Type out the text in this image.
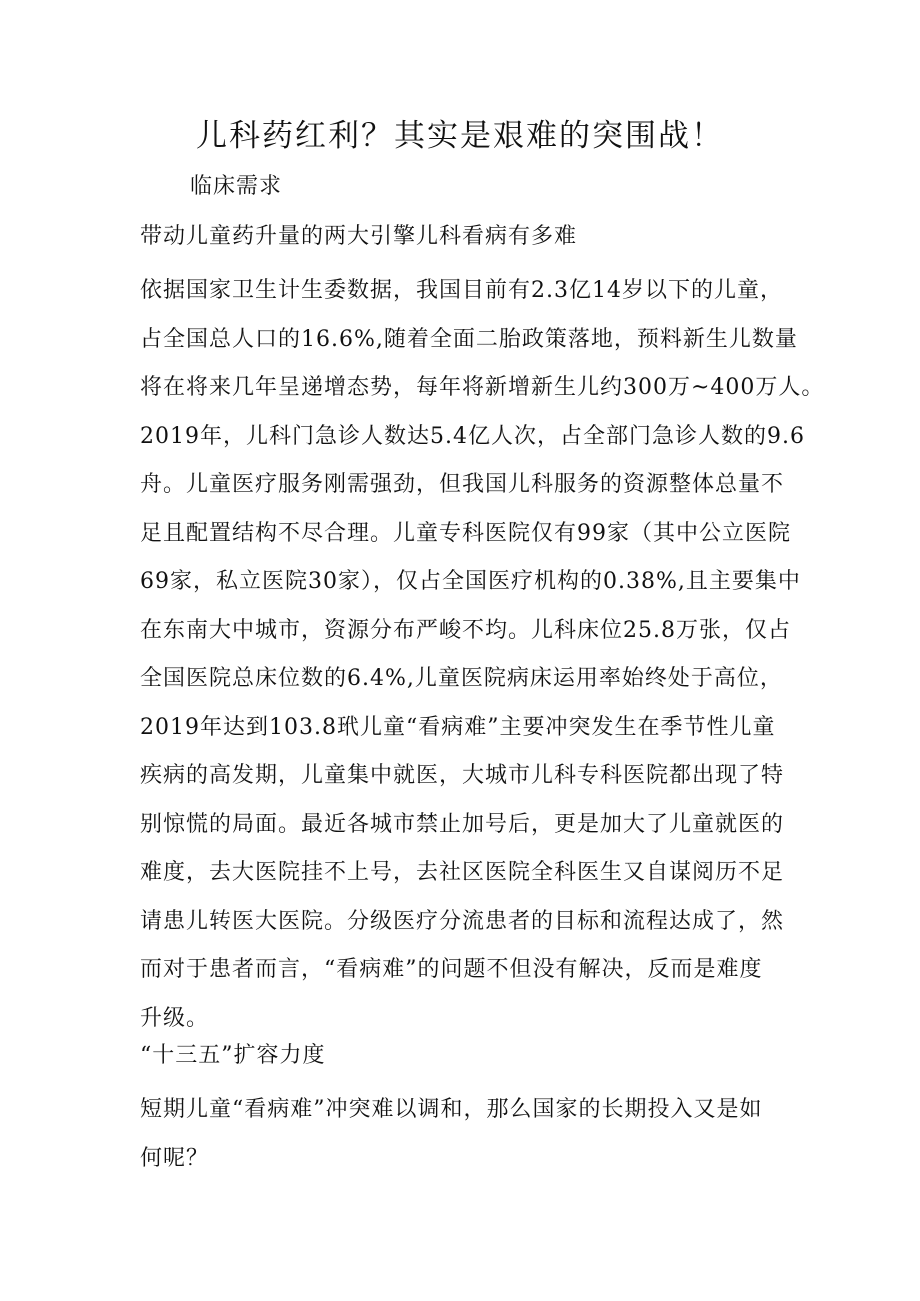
儿科药红利？其实是艰难的突围战！
临床需求
带动儿童药升量的两大引擎儿科看病有多难
依据国家卫生计生委数据，我国目前有2.3亿14岁以下的儿童，
占全国总人口的16.6%,随着全面二胎政策落地，预料新生儿数量
将在将来几年呈递增态势，每年将新增新生儿约300万~400万人。
2019年，儿科门急诊人数达5.4亿人次，占全部门急诊人数的9.6
舟。儿童医疗服务刚需强劲，但我国儿科服务的资源整体总量不
足且配置结构不尽合理。儿童专科医院仅有99家（其中公立医院
69家，私立医院30家），仅占全国医疗机构的0.38%,且主要集中
在东南大中城市，资源分布严峻不均。儿科床位25.8万张，仅占
全国医院总床位数的6.4%,儿童医院病床运用率始终处于高位，
2019年达到103.8玳儿童“看病难”主要冲突发生在季节性儿童
疾病的高发期，儿童集中就医，大城市儿科专科医院都出现了特
别惊慌的局面。最近各城市禁止加号后，更是加大了儿童就医的
难度，去大医院挂不上号，去社区医院全科医生又自谋阅历不足
请患儿转医大医院。分级医疗分流患者的目标和流程达成了，然
而对于患者而言，“看病难”的问题不但没有解决，反而是难度
升级。
“十三五”扩容力度
短期儿童“看病难”冲突难以调和，那么国家的长期投入又是如
何呢？
